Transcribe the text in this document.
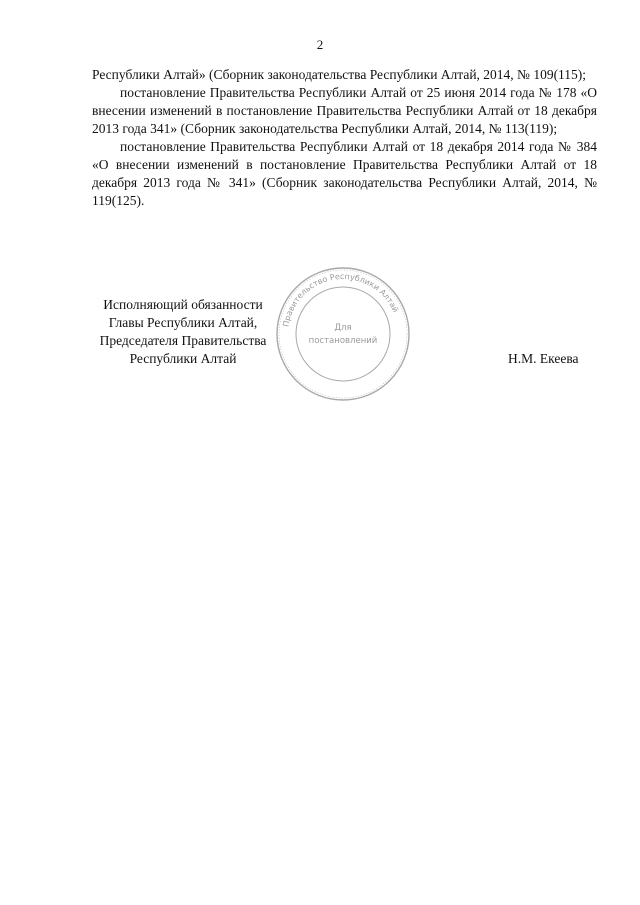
2

Республики Алтай» (Сборник законодательства Республики Алтай, 2014, № 109(115);

постановление Правительства Республики Алтай от 25 июня 2014 года № 178 «О внесении изменений в постановление Правительства Республики Алтай от 18 декабря 2013 года 341» (Сборник законодательства Республики Алтай, 2014, № 113(119);

постановление Правительства Республики Алтай от 18 декабря 2014 года № 384 «О внесении изменений в постановление Правительства Республики Алтай от 18 декабря 2013 года № 341» (Сборник законодательства Республики Алтай, 2014, № 119(125).

Исполняющий обязанности
Главы Республики Алтай,
Председателя Правительства
Республики Алтай	Н.М. Екеева
Правительство Республики Алтай
Для
постановлений
